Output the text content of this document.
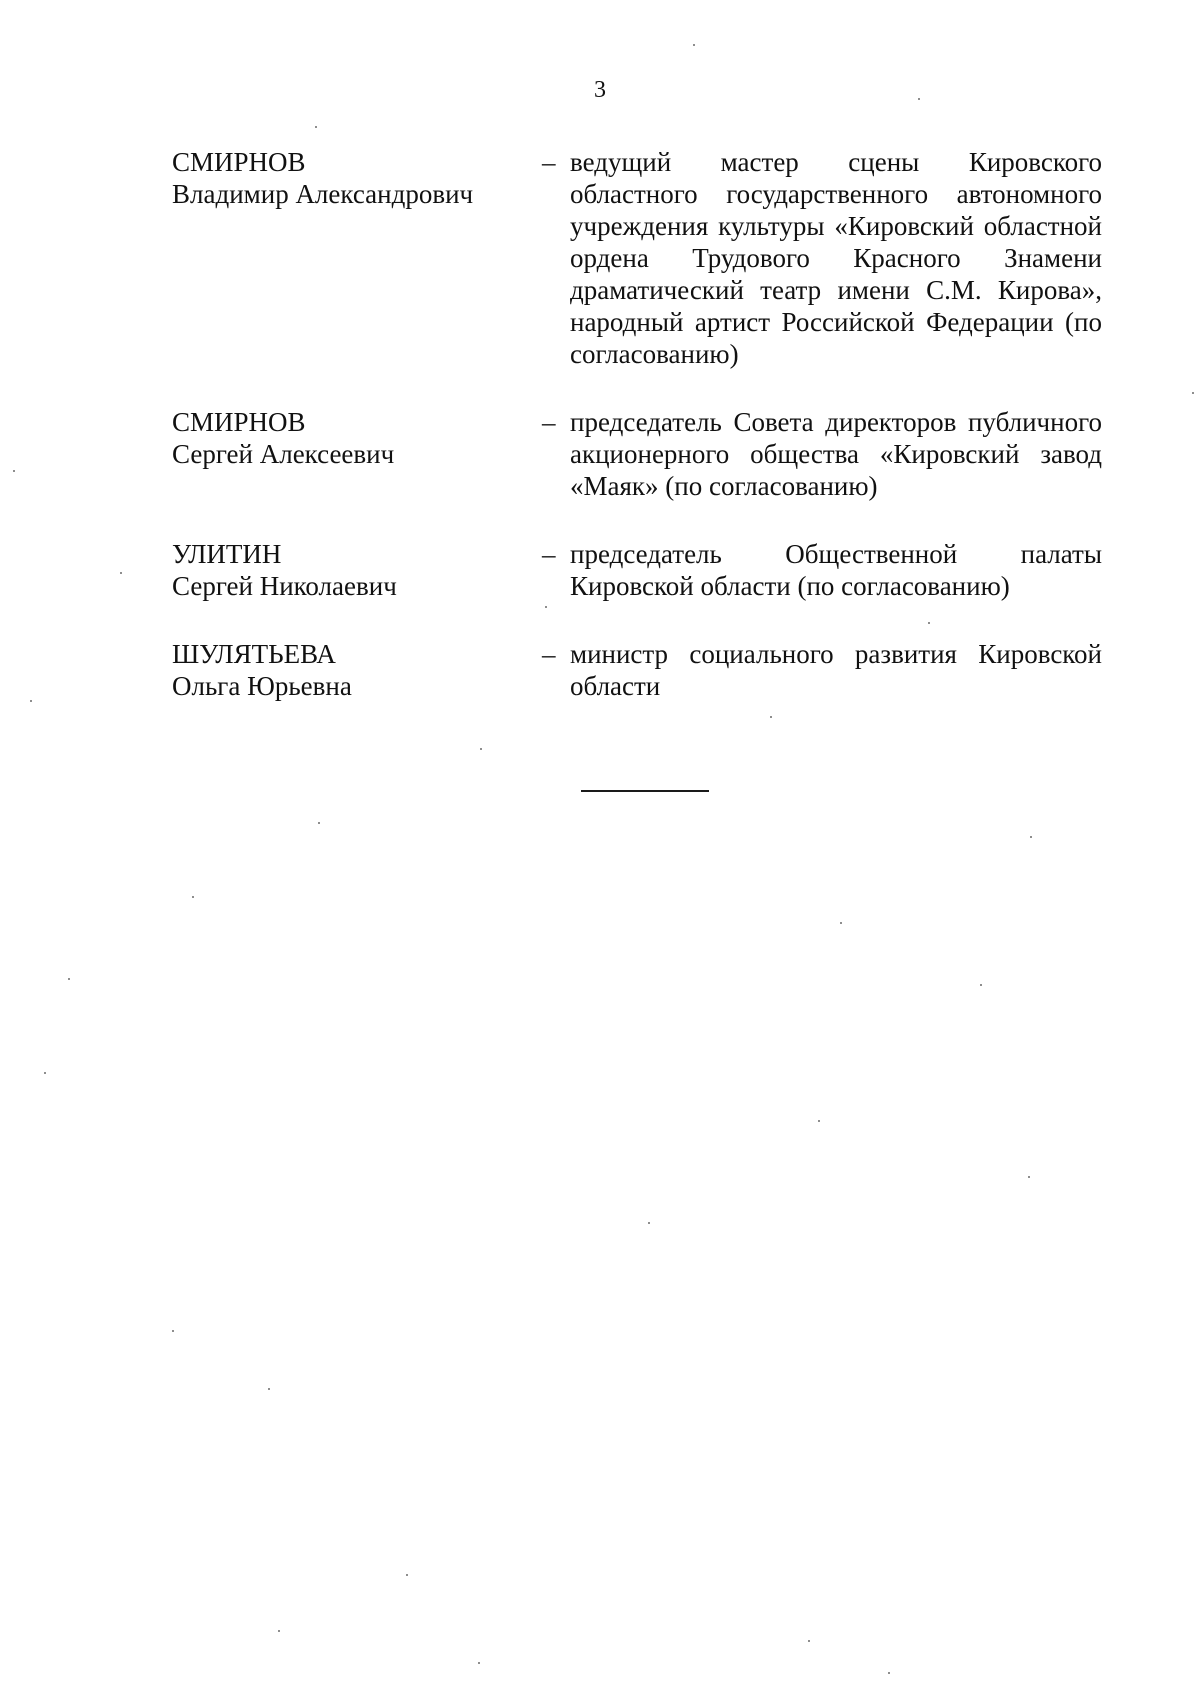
3
СМИРНОВ
Владимир Александрович
– ведущий мастер сцены Кировского областного государственного автономного учреждения культуры «Кировский областной ордена Трудового Красного Знамени драматический театр имени С.М. Кирова», народный артист Российской Федерации (по согласованию)
СМИРНОВ
Сергей Алексеевич
– председатель Совета директоров публичного акционерного общества «Кировский завод «Маяк» (по согласованию)
УЛИТИН
Сергей Николаевич
– председатель Общественной палаты Кировской области (по согласованию)
ШУЛЯТЬЕВА
Ольга Юрьевна
– министр социального развития Кировской области
